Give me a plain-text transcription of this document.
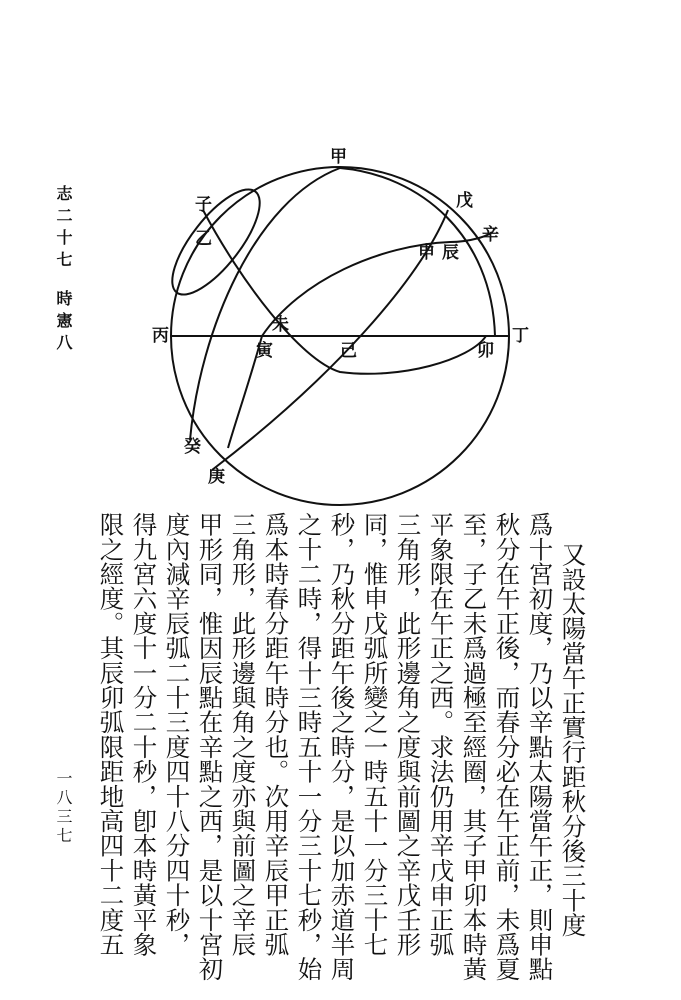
甲
子
乙
戊
辛
申 辰
丙	丁
未
寅	己	卯
癸
庚
志二十七
時憲八
一八三七	又設太陽當午正實行距秋分後三十度
爲十宮初度，乃以辛點太陽當午正，則申點
秋分在午正後，而春分必在午正前，未爲夏
至，子乙未爲過極至經圈，其子甲卯本時黃
平象限在午正之西。求法仍用辛戊申正弧
三角形，此形邊角之度與前圖之辛戊壬形
同，惟申戊弧所變之一時五十一分三十七
秒，乃秋分距午後之時分，是以加赤道半周
之十二時，得十三時五十一分三十七秒，始
爲本時春分距午時分也。次用辛辰甲正弧
三角形，此形邊與角之度亦與前圖之辛辰
甲形同，惟因辰點在辛點之西，是以十宮初
度內減辛辰弧二十三度四十八分四十秒，
得九宮六度十一分二十秒，卽本時黃平象
限之經度。其辰卯弧限距地高四十二度五
